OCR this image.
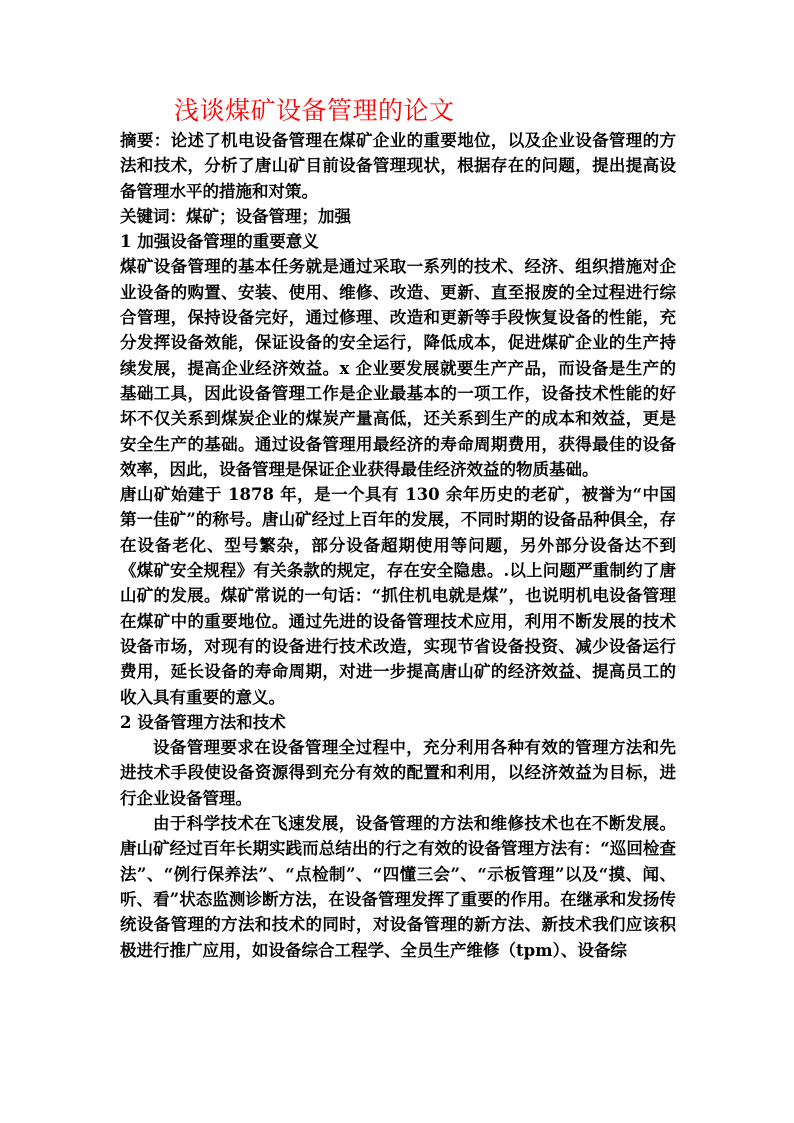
浅谈煤矿设备管理的论文

摘要：论述了机电设备管理在煤矿企业的重要地位，以及企业设备管理的方法和技术，分析了唐山矿目前设备管理现状，根据存在的问题，提出提高设备管理水平的措施和对策。

关键词：煤矿；设备管理；加强

1 加强设备管理的重要意义

煤矿设备管理的基本任务就是通过采取一系列的技术、经济、组织措施对企业设备的购置、安装、使用、维修、改造、更新、直至报废的全过程进行综合管理，保持设备完好，通过修理、改造和更新等手段恢复设备的性能，充分发挥设备效能，保证设备的安全运行，降低成本，促进煤矿企业的生产持续发展，提高企业经济效益。x 企业要发展就要生产产品，而设备是生产的基础工具，因此设备管理工作是企业最基本的一项工作，设备技术性能的好坏不仅关系到煤炭企业的煤炭产量高低，还关系到生产的成本和效益，更是安全生产的基础。通过设备管理用最经济的寿命周期费用，获得最佳的设备效率，因此，设备管理是保证企业获得最佳经济效益的物质基础。

唐山矿始建于 1878 年，是一个具有 130 余年历史的老矿，被誉为“中国第一佳矿”的称号。唐山矿经过上百年的发展，不同时期的设备品种俱全，存在设备老化、型号繁杂，部分设备超期使用等问题，另外部分设备达不到《煤矿安全规程》有关条款的规定，存在安全隐患。.以上问题严重制约了唐山矿的发展。煤矿常说的一句话：“抓住机电就是煤”，也说明机电设备管理在煤矿中的重要地位。通过先进的设备管理技术应用，利用不断发展的技术设备市场，对现有的设备进行技术改造，实现节省设备投资、减少设备运行费用，延长设备的寿命周期，对进一步提高唐山矿的经济效益、提高员工的收入具有重要的意义。

2 设备管理方法和技术

设备管理要求在设备管理全过程中，充分利用各种有效的管理方法和先进技术手段使设备资源得到充分有效的配置和利用，以经济效益为目标，进行企业设备管理。

由于科学技术在飞速发展，设备管理的方法和维修技术也在不断发展。唐山矿经过百年长期实践而总结出的行之有效的设备管理方法有：“巡回检查法”、“例行保养法”、“点检制”、“四懂三会”、“示板管理”以及“摸、闻、听、看”状态监测诊断方法，在设备管理发挥了重要的作用。在继承和发扬传统设备管理的方法和技术的同时，对设备管理的新方法、新技术我们应该积极进行推广应用，如设备综合工程学、全员生产维修（tpm）、设备综
